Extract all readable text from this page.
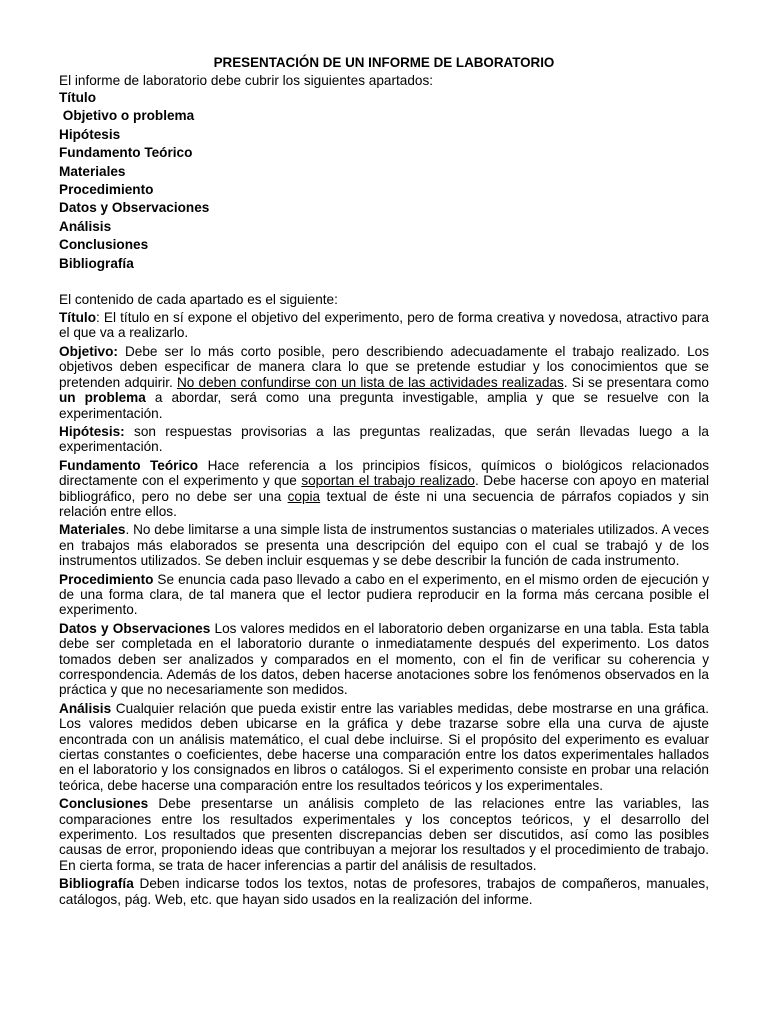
PRESENTACIÓN DE UN INFORME DE LABORATORIO

El informe de laboratorio debe cubrir los siguientes apartados:

Título
Objetivo o problema
Hipótesis
Fundamento Teórico
Materiales
Procedimiento
Datos y Observaciones
Análisis
Conclusiones
Bibliografía

El contenido de cada apartado es el siguiente:

Título: El título en sí expone el objetivo del experimento, pero de forma creativa y novedosa, atractivo para el que va a realizarlo.

Objetivo: Debe ser lo más corto posible, pero describiendo adecuadamente el trabajo realizado. Los objetivos deben especificar de manera clara lo que se pretende estudiar y los conocimientos que se pretenden adquirir. No deben confundirse con un lista de las actividades realizadas. Si se presentara como un problema a abordar, será como una pregunta investigable, amplia y que se resuelve con la experimentación.

Hipótesis: son respuestas provisorias a las preguntas realizadas, que serán llevadas luego a la experimentación.

Fundamento Teórico Hace referencia a los principios físicos, químicos o biológicos relacionados directamente con el experimento y que soportan el trabajo realizado. Debe hacerse con apoyo en material bibliográfico, pero no debe ser una copia textual de éste ni una secuencia de párrafos copiados y sin relación entre ellos.

Materiales. No debe limitarse a una simple lista de instrumentos sustancias o materiales utilizados. A veces en trabajos más elaborados se presenta una descripción del equipo con el cual se trabajó y de los instrumentos utilizados. Se deben incluir esquemas y se debe describir la función de cada instrumento.

Procedimiento Se enuncia cada paso llevado a cabo en el experimento, en el mismo orden de ejecución y de una forma clara, de tal manera que el lector pudiera reproducir en la forma más cercana posible el experimento.

Datos y Observaciones Los valores medidos en el laboratorio deben organizarse en una tabla. Esta tabla debe ser completada en el laboratorio durante o inmediatamente después del experimento. Los datos tomados deben ser analizados y comparados en el momento, con el fin de verificar su coherencia y correspondencia. Además de los datos, deben hacerse anotaciones sobre los fenómenos observados en la práctica y que no necesariamente son medidos.

Análisis Cualquier relación que pueda existir entre las variables medidas, debe mostrarse en una gráfica. Los valores medidos deben ubicarse en la gráfica y debe trazarse sobre ella una curva de ajuste encontrada con un análisis matemático, el cual debe incluirse. Si el propósito del experimento es evaluar ciertas constantes o coeficientes, debe hacerse una comparación entre los datos experimentales hallados en el laboratorio y los consignados en libros o catálogos. Si el experimento consiste en probar una relación teórica, debe hacerse una comparación entre los resultados teóricos y los experimentales.

Conclusiones Debe presentarse un análisis completo de las relaciones entre las variables, las comparaciones entre los resultados experimentales y los conceptos teóricos, y el desarrollo del experimento. Los resultados que presenten discrepancias deben ser discutidos, así como las posibles causas de error, proponiendo ideas que contribuyan a mejorar los resultados y el procedimiento de trabajo. En cierta forma, se trata de hacer inferencias a partir del análisis de resultados.

Bibliografía Deben indicarse todos los textos, notas de profesores, trabajos de compañeros, manuales, catálogos, pág. Web, etc. que hayan sido usados en la realización del informe.
